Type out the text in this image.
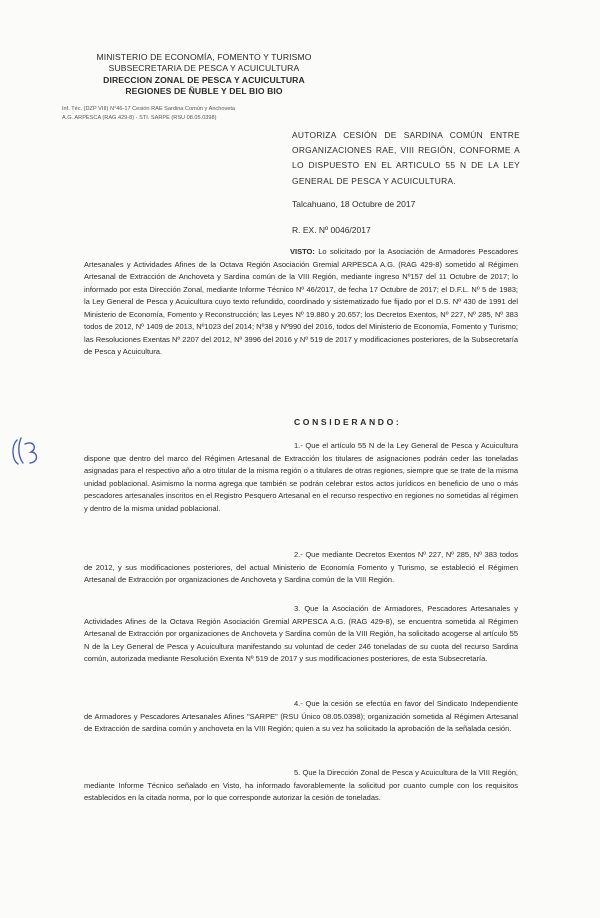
MINISTERIO DE ECONOMÍA, FOMENTO Y TURISMO
SUBSECRETARIA DE PESCA Y ACUICULTURA
DIRECCION ZONAL DE PESCA Y ACUICULTURA
REGIONES DE ÑUBLE Y DEL BIO BIO
Inf. Téc. (DZP VIII) N°46-17 Cesión RAE Sardina Común y Anchoveta
A.G. ARPESCA (RAG 429-8) - STI. SARPE (RSU 08.05.0398)
AUTORIZA CESIÓN DE SARDINA COMÚN ENTRE ORGANIZACIONES RAE, VIII REGIÓN, CONFORME A LO DISPUESTO EN EL ARTICULO 55 N DE LA LEY GENERAL DE PESCA Y ACUICULTURA.
Talcahuano, 18 Octubre de 2017
R. EX. Nº 0046/2017
VISTO: Lo solicitado por la Asociación de Armadores Pescadores Artesanales y Actividades Afines de la Octava Región Asociación Gremial ARPESCA A.G. (RAG 429-8) sometido al Régimen Artesanal de Extracción de Anchoveta y Sardina común de la VIII Región, mediante ingreso Nº157 del 11 Octubre de 2017; lo informado por esta Dirección Zonal, mediante Informe Técnico Nº 46/2017, de fecha 17 Octubre de 2017; el D.F.L. Nº 5 de 1983; la Ley General de Pesca y Acuicultura cuyo texto refundido, coordinado y sistematizado fue fijado por el D.S. Nº 430 de 1991 del Ministerio de Economía, Fomento y Reconstrucción; las Leyes Nº 19.880 y 20.657; los Decretos Exentos, Nº 227, Nº 285, Nº 383 todos de 2012, Nº 1409 de 2013, Nº1023 del 2014; Nº38 y Nº990 del 2016, todos del Ministerio de Economía, Fomento y Turismo; las Resoluciones Exentas Nº 2207 del 2012, Nº 3996 del 2016 y Nº 519 de 2017 y modificaciones posteriores, de la Subsecretaría de Pesca y Acuicultura.
CONSIDERANDO:
1.- Que el artículo 55 N de la Ley General de Pesca y Acuicultura dispone que dentro del marco del Régimen Artesanal de Extracción los titulares de asignaciones podrán ceder las toneladas asignadas para el respectivo año a otro titular de la misma región o a titulares de otras regiones, siempre que se trate de la misma unidad poblacional. Asimismo la norma agrega que también se podrán celebrar estos actos jurídicos en beneficio de uno o más pescadores artesanales inscritos en el Registro Pesquero Artesanal en el recurso respectivo en regiones no sometidas al régimen y dentro de la misma unidad poblacional.
2.- Que mediante Decretos Exentos Nº 227, Nº 285, Nº 383 todos de 2012, y sus modificaciones posteriores, del actual Ministerio de Economía Fomento y Turismo, se estableció el Régimen Artesanal de Extracción por organizaciones de Anchoveta y Sardina común de la VIII Región.
3. Que la Asociación de Armadores, Pescadores Artesanales y Actividades Afines de la Octava Región Asociación Gremial ARPESCA A.G. (RAG 429-8), se encuentra sometida al Régimen Artesanal de Extracción por organizaciones de Anchoveta y Sardina común de la VIII Región, ha solicitado acogerse al artículo 55 N de la Ley General de Pesca y Acuicultura manifestando su voluntad de ceder 246 toneladas de su cuota del recurso Sardina común, autorizada mediante Resolución Exenta Nº 519 de 2017 y sus modificaciones posteriores, de esta Subsecretaría.
4.- Que la cesión se efectúa en favor del Sindicato Independiente de Armadores y Pescadores Artesanales Afines "SARPE" (RSU Único 08.05.0398); organización sometida al Régimen Artesanal de Extracción de sardina común y anchoveta en la VIII Región; quien a su vez ha solicitado la aprobación de la señalada cesión.
5. Que la Dirección Zonal de Pesca y Acuicultura de la VIII Región, mediante Informe Técnico señalado en Visto, ha informado favorablemente la solicitud por cuanto cumple con los requisitos establecidos en la citada norma, por lo que corresponde autorizar la cesión de toneladas.
